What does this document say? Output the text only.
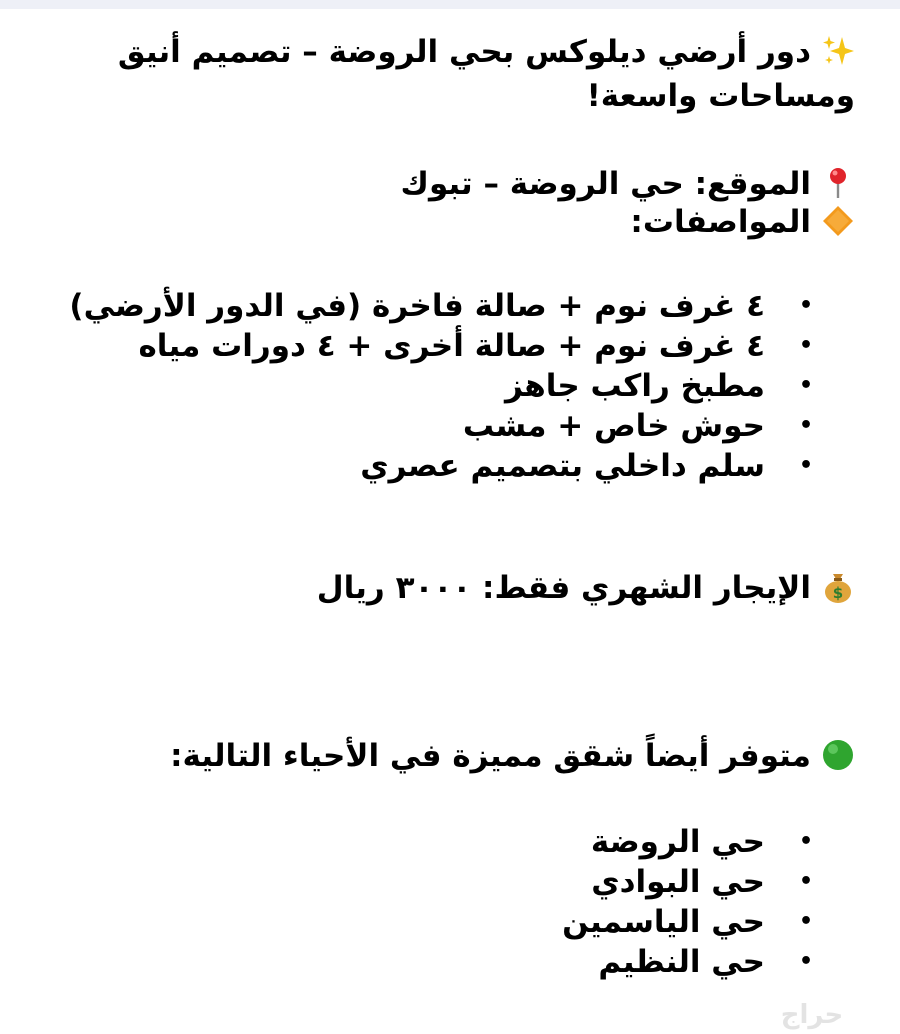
دور أرضي ديلوكس بحي الروضة – تصميم أنيق ومساحات واسعة!

الموقع: حي الروضة – تبوك

المواصفات:

•
٤ غرف نوم + صالة فاخرة (في الدور الأرضي)
•
٤ غرف نوم + صالة أخرى + ٤ دورات مياه
•
مطبخ راكب جاهز
•
حوش خاص + مشب
•
سلم داخلي بتصميم عصري

$
الإيجار الشهري فقط: ٣٠٠٠ ريال

متوفر أيضاً شقق مميزة في الأحياء التالية:

•
حي الروضة
•
حي البوادي
•
حي الياسمين
•
حي النظيم
حراج
